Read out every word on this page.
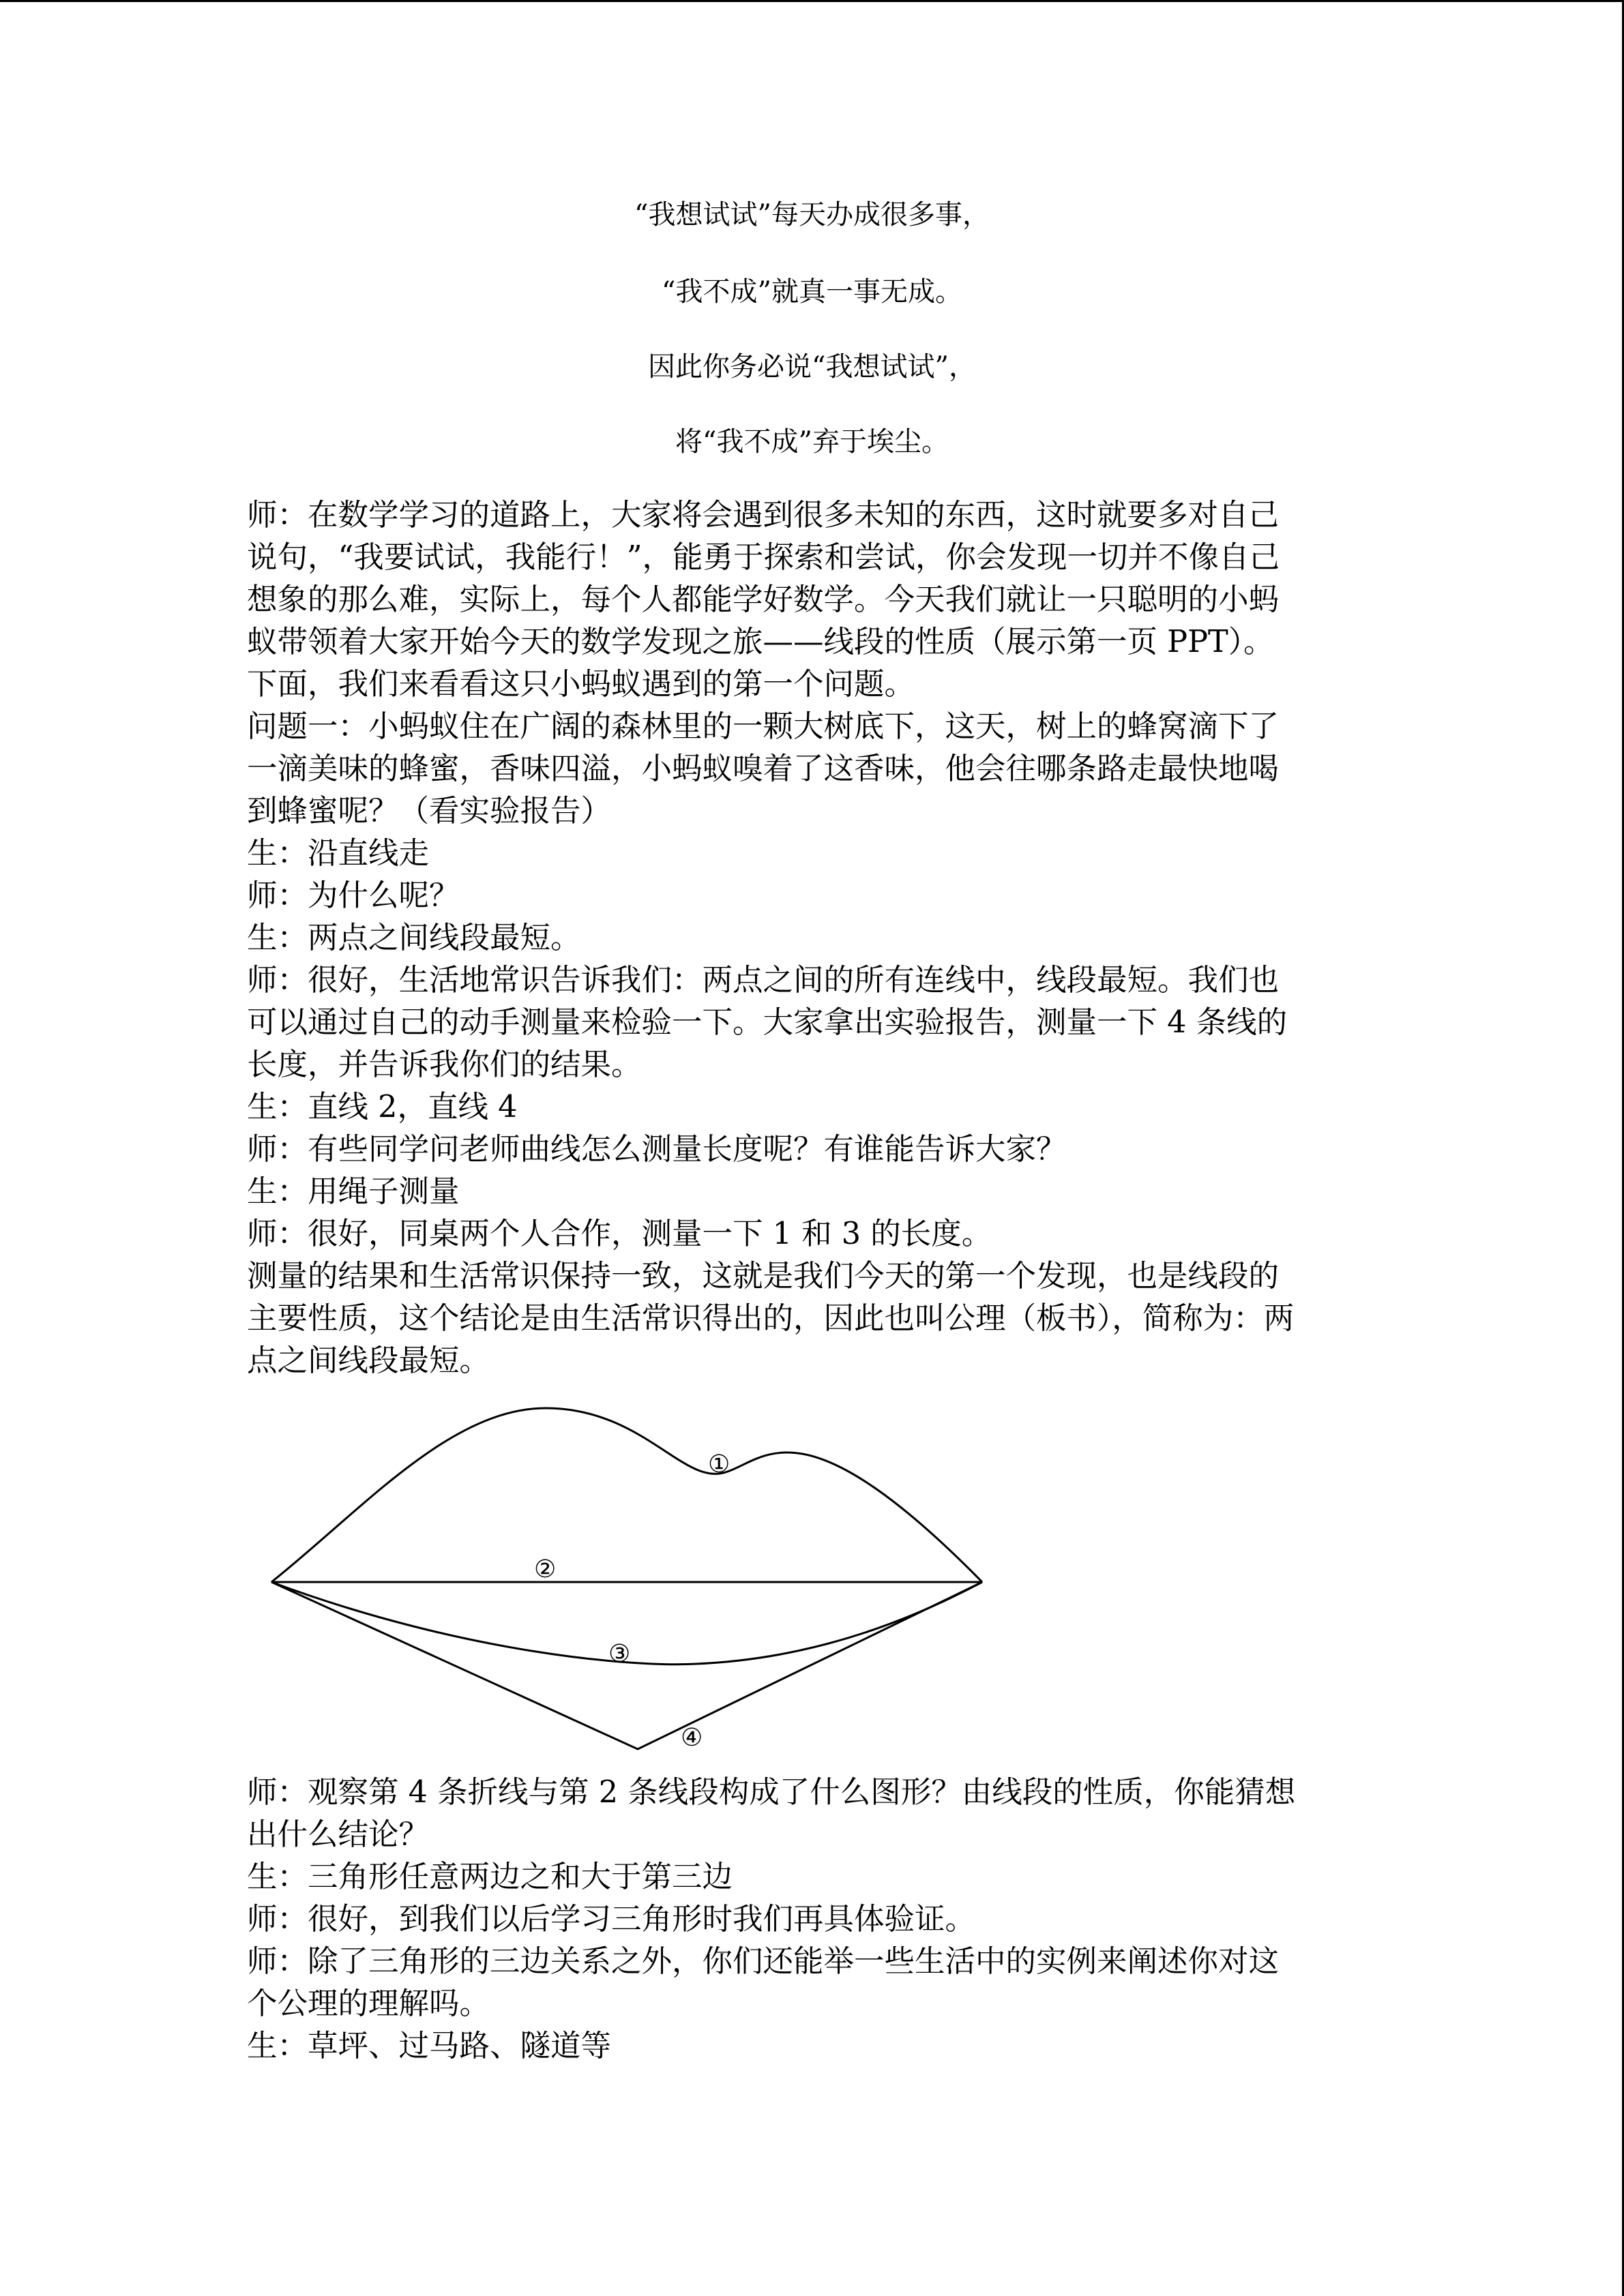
“我想试试”每天办成很多事，
“我不成”就真一事无成。
因此你务必说“我想试试”，
将“我不成”弃于埃尘。

师：在数学学习的道路上，大家将会遇到很多未知的东西，这时就要多对自己

说句，“我要试试，我能行！”，能勇于探索和尝试，你会发现一切并不像自己

想象的那么难，实际上，每个人都能学好数学。今天我们就让一只聪明的小蚂

蚁带领着大家开始今天的数学发现之旅——线段的性质（展示第一页 PPT）。

下面，我们来看看这只小蚂蚁遇到的第一个问题。

问题一：小蚂蚁住在广阔的森林里的一颗大树底下，这天，树上的蜂窝滴下了

一滴美味的蜂蜜，香味四溢，小蚂蚁嗅着了这香味，他会往哪条路走最快地喝

到蜂蜜呢？（看实验报告）

生：沿直线走

师：为什么呢？

生：两点之间线段最短。

师：很好，生活地常识告诉我们：两点之间的所有连线中，线段最短。我们也

可以通过自己的动手测量来检验一下。大家拿出实验报告，测量一下 4 条线的

长度，并告诉我你们的结果。

生：直线 2，直线 4

师：有些同学问老师曲线怎么测量长度呢？有谁能告诉大家？

生：用绳子测量

师：很好，同桌两个人合作，测量一下 1 和 3 的长度。

测量的结果和生活常识保持一致，这就是我们今天的第一个发现，也是线段的

主要性质，这个结论是由生活常识得出的，因此也叫公理（板书），简称为：两

点之间线段最短。

①
②
③
④

师：观察第 4 条折线与第 2 条线段构成了什么图形？由线段的性质，你能猜想

出什么结论？

生：三角形任意两边之和大于第三边

师：很好，到我们以后学习三角形时我们再具体验证。

师：除了三角形的三边关系之外，你们还能举一些生活中的实例来阐述你对这

个公理的理解吗。

生：草坪、过马路、隧道等
